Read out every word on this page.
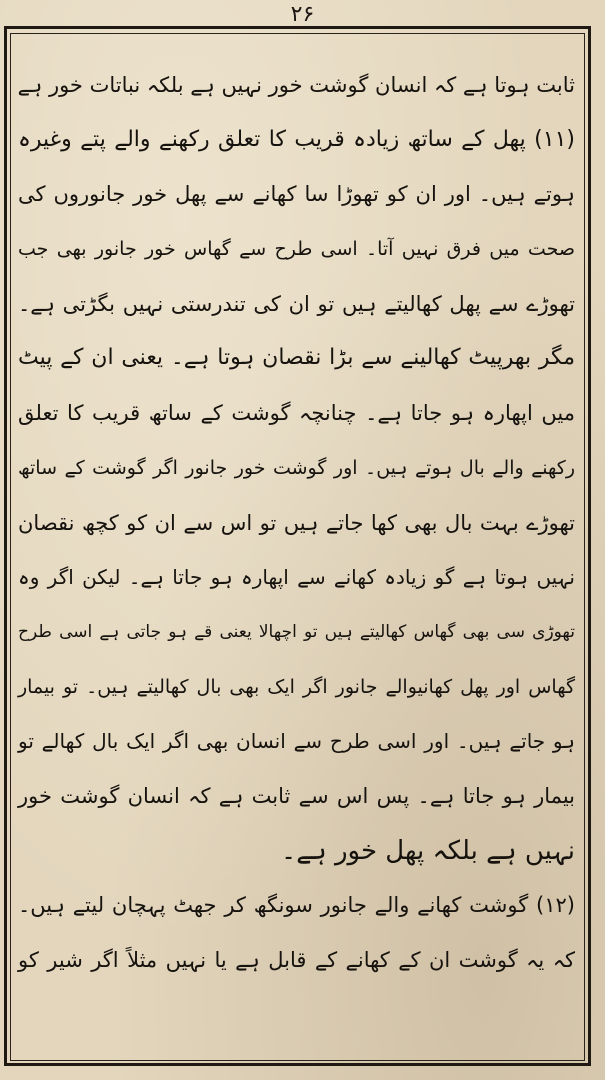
۲۶
ثابت ہوتا ہے کہ انسان گوشت خور نہیں ہے بلکہ نباتات خور ہے
(۱۱) پھل کے ساتھ زیادہ قریب کا تعلق رکھنے والے پتے وغیرہ
ہوتے ہیں۔ اور ان کو تھوڑا سا کھانے سے پھل خور جانوروں کی
صحت میں فرق نہیں آتا۔ اسی طرح سے گھاس خور جانور بھی جب
تھوڑے سے پھل کھالیتے ہیں تو ان کی تندرستی نہیں بگڑتی ہے۔
مگر بھرپیٹ کھالینے سے بڑا نقصان ہوتا ہے۔ یعنی ان کے پیٹ
میں اپھارہ ہو جاتا ہے۔ چنانچہ گوشت کے ساتھ قریب کا تعلق
رکھنے والے بال ہوتے ہیں۔ اور گوشت خور جانور اگر گوشت کے ساتھ
تھوڑے بہت بال بھی کھا جاتے ہیں تو اس سے ان کو کچھ نقصان
نہیں ہوتا ہے گو زیادہ کھانے سے اپھارہ ہو جاتا ہے۔ لیکن اگر وہ
تھوڑی سی بھی گھاس کھالیتے ہیں تو اچھالا یعنی قے ہو جاتی ہے اسی طرح
گھاس اور پھل کھانیوالے جانور اگر ایک بھی بال کھالیتے ہیں۔ تو بیمار
ہو جاتے ہیں۔ اور اسی طرح سے انسان بھی اگر ایک بال کھالے تو
بیمار ہو جاتا ہے۔ پس اس سے ثابت ہے کہ انسان گوشت خور
نہیں ہے بلکہ پھل خور ہے۔
(۱۲) گوشت کھانے والے جانور سونگھ کر جھٹ پہچان لیتے ہیں۔
کہ یہ گوشت ان کے کھانے کے قابل ہے یا نہیں مثلاً اگر شیر کو
